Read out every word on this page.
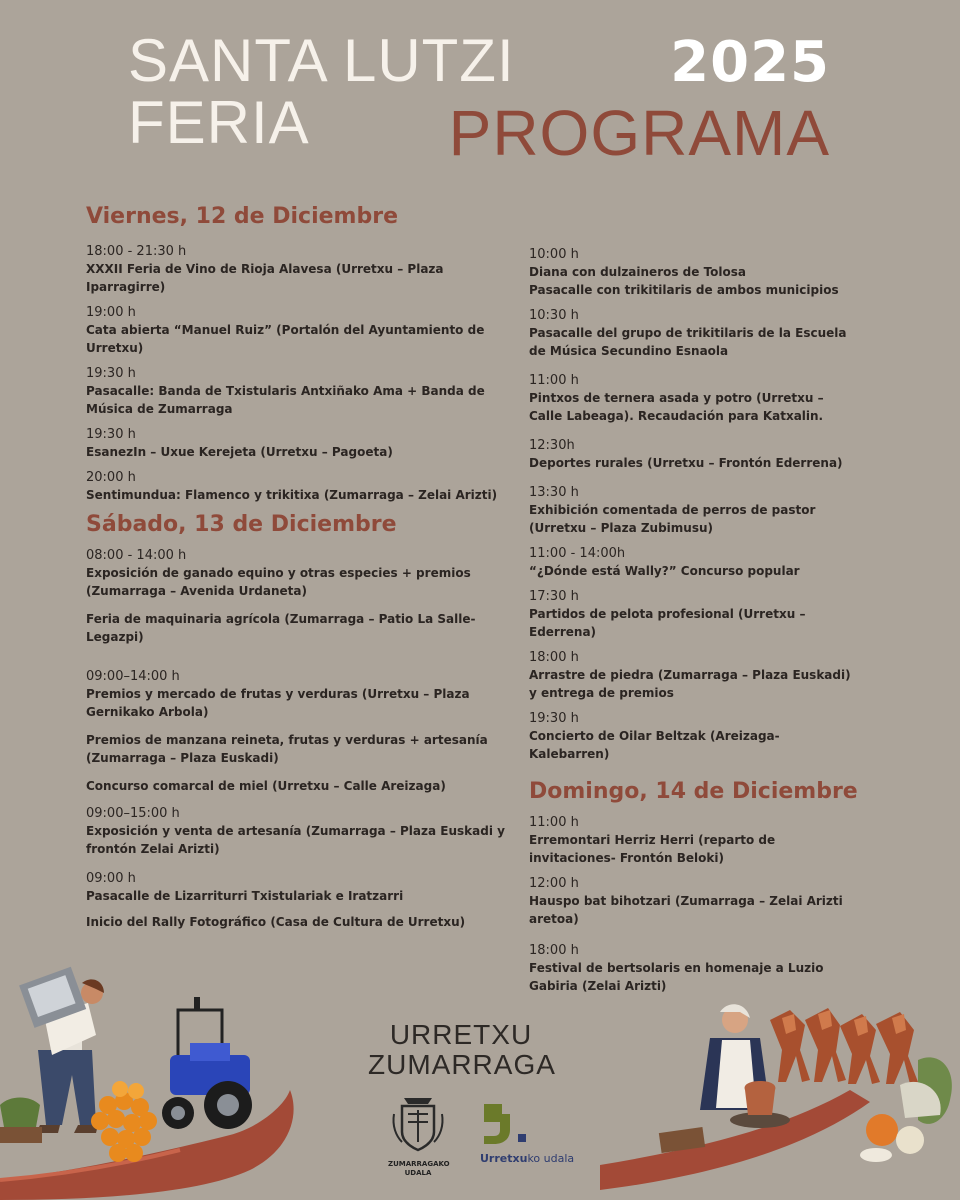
SANTA LUTZI
FERIA
2025
PROGRAMA
Viernes, 12 de Diciembre
18:00 - 21:30 h
XXXII Feria de Vino de Rioja Alavesa (Urretxu – Plaza Iparragirre)
19:00 h
Cata abierta “Manuel Ruiz” (Portalón del Ayuntamiento de Urretxu)
19:30 h
Pasacalle: Banda de Txistularis Antxiñako Ama + Banda de Música de Zumarraga
19:30 h
EsanezIn – Uxue Kerejeta (Urretxu – Pagoeta)
20:00 h
Sentimundua: Flamenco y trikitixa (Zumarraga – Zelai Arizti)
Sábado, 13 de Diciembre
08:00 - 14:00 h
Exposición de ganado equino y otras especies + premios (Zumarraga – Avenida Urdaneta)
Feria de maquinaria agrícola (Zumarraga – Patio La Salle-Legazpi)
09:00–14:00 h
Premios y mercado de frutas y verduras (Urretxu – Plaza Gernikako Arbola)
Premios de manzana reineta, frutas y verduras + artesanía (Zumarraga – Plaza Euskadi)
Concurso comarcal de miel (Urretxu – Calle Areizaga)
09:00–15:00 h
Exposición y venta de artesanía (Zumarraga – Plaza Euskadi y frontón Zelai Arizti)
09:00 h
Pasacalle de Lizarriturri Txistulariak e Iratzarri
Inicio del Rally Fotográfico (Casa de Cultura de Urretxu)
10:00 h
Diana con dulzaineros de Tolosa
Pasacalle con trikitilaris de ambos municipios
10:30 h
Pasacalle del grupo de trikitilaris de la Escuela de Música Secundino Esnaola
11:00 h
Pintxos de ternera asada y potro (Urretxu – Calle Labeaga). Recaudación para Katxalin.
12:30h
Deportes rurales (Urretxu – Frontón Ederrena)
13:30 h
Exhibición comentada de perros de pastor (Urretxu – Plaza Zubimusu)
11:00 - 14:00h
“¿Dónde está Wally?” Concurso popular
17:30 h
Partidos de pelota profesional (Urretxu – Ederrena)
18:00 h
Arrastre de piedra (Zumarraga – Plaza Euskadi) y entrega de premios
19:30 h
Concierto de Oilar Beltzak (Areizaga-Kalebarren)
Domingo, 14 de Diciembre
11:00 h
Erremontari Herriz Herri (reparto de invitaciones- Frontón Beloki)
12:00 h
Hauspo bat bihotzari (Zumarraga – Zelai Arizti aretoa)
18:00 h
Festival de bertsolaris en homenaje a Luzio Gabiria (Zelai Arizti)
URRETXU
ZUMARRAGA
ZUMARRAGAKO
UDALA
Urretxuko udala
